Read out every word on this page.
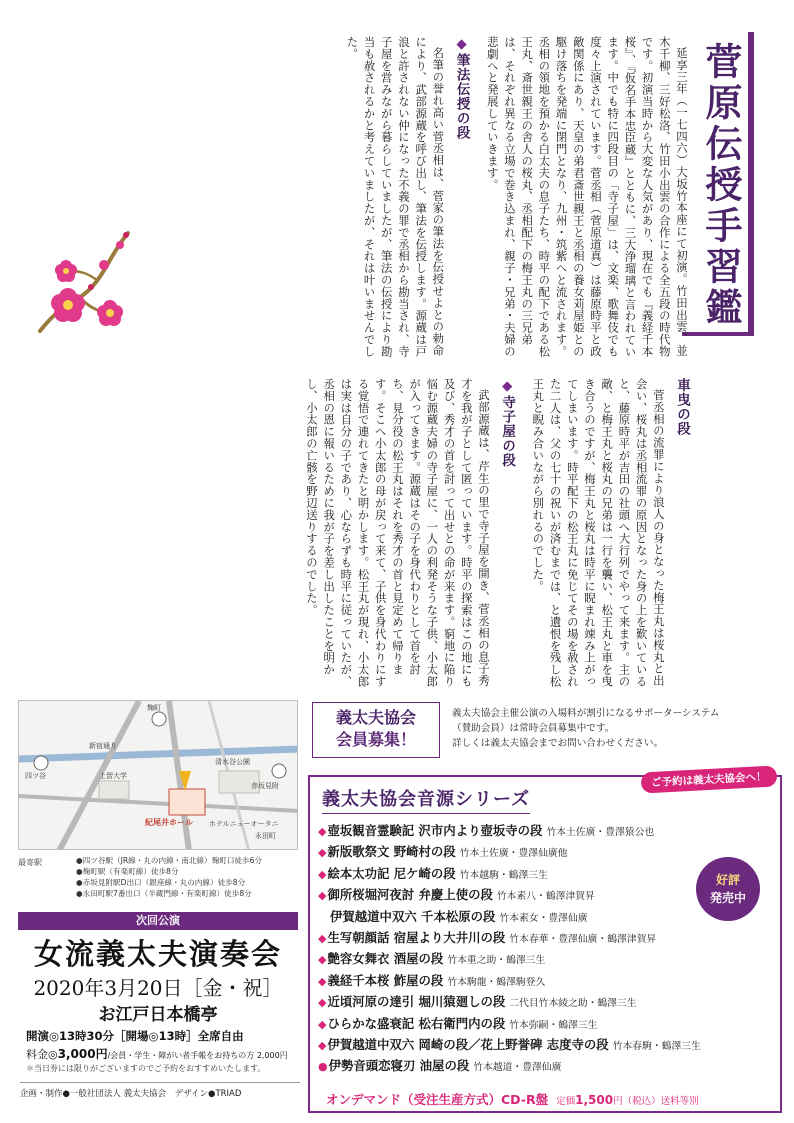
菅原伝授手習鑑

延享三年（一七四六）大坂竹本座にて初演。竹田出雲、並木千柳、三好松洛、竹田小出雲の合作による全五段の時代物です。初演当時から大変な人気があり、現在でも『義経千本桜』、『仮名手本忠臣蔵』とともに、三大浄瑠璃と言われています。中でも特に四段目の「寺子屋」は、文楽、歌舞伎でも度々上演されています。菅丞相（菅原道真）は藤原時平と政敵関係にあり、天皇の弟君斎世親王と丞相の養女苅屋姫との駆け落ちを発端に閉門となり、九州・筑紫へと流されます。丞相の領地を預かる白太夫の息子たち、時平の配下である松王丸、斎世親王の舎人の桜丸、丞相配下の梅王丸の三兄弟は、それぞれ異なる立場で巻き込まれ、親子・兄弟・夫婦の悲劇へと発展していきます。

◆筆法伝授の段

名筆の誉れ高い菅丞相は、菅家の筆法を伝授せよとの勅命により、武部源蔵を呼び出し、筆法を伝授します。源蔵は戸浪と許されない仲になった不義の罪で丞相から勘当され、寺子屋を営みながら暮らしていましたが、筆法の伝授により勘当も赦されるかと考えていましたが、それは叶いませんでした。

車曳の段

菅丞相の流罪により浪人の身となった梅王丸は桜丸と出会い、桜丸は丞相流罪の原因となった身の上を歎いていると、藤原時平が吉田の社頭へ大行列でやって来ます。主の敵、と梅王丸と桜丸の兄弟は一行を襲い、松王丸と車を曳き合うのですが、梅王丸と桜丸は時平に睨まれ竦み上がってしまいます。時平配下の松王丸に免じてその場を赦された二人は、父の七十の祝いが済むまでは、と遺恨を残し松王丸と睨み合いながら別れるのでした。

◆寺子屋の段

武部源蔵は、芹生の里で寺子屋を開き、菅丞相の息子秀才を我が子として匿っています。時平の探索はこの地にも及び、秀才の首を討って出せとの命が来ます。窮地に陥り悩む源蔵夫婦の寺子屋に、一人の利発そうな子供、小太郎が入ってきます。源蔵はその子を身代わりとして首を討ち、見分役の松王丸はそれを秀才の首と見定めて帰ります。そこへ小太郎の母が戻って来て、子供を身代わりにする覚悟で連れてきたと明かします。松王丸が現れ、小太郎は実は自分の子であり、心ならずも時平に従っていたが、丞相の恩に報いるために我が子を差し出したことを明かし、小太郎の亡骸を野辺送りするのでした。

新宿通り
四ツ谷
麹町
紀尾井ホール ホテルニューオータニ
上智大学
赤坂見附
永田町
清水谷公園
最寄駅	●四ツ谷駅（JR線・丸の内線・南北線）麹町口徒歩6分
●麹町駅（有楽町線）徒歩8分
●赤坂見附駅D出口（銀座線・丸の内線）徒歩8分
●永田町駅7番出口（半蔵門線・有楽町線）徒歩8分
次回公演
女流義太夫演奏会
2020年3月20日［金・祝］
お江戸日本橋亭
開演◎13時30分［開場◎13時］全席自由
料金◎3,000円/会員・学生・障がい者手帳をお持ちの方 2,000円
＊当日券には限りがございますのでご予約をおすすめいたします。
企画・制作●一般社団法人 義太夫協会　デザイン●TRIAD
義太夫協会
会員募集！
義太夫協会主催公演の入場料が割引になるサポーターシステム
（賛助会員）は常時会員募集中です。
詳しくは義太夫協会までお問い合わせください。
義太夫協会音源シリーズ
ご予約は義太夫協会へ！
◆壺坂観音霊験記 沢市内より壺坂寺の段 竹本土佐廣・豊澤猿公也
◆新版歌祭文 野崎村の段 竹本土佐廣・豊澤仙廣他
◆絵本太功記 尼ケ崎の段 竹本越駒・鶴澤三生
◆御所桜堀河夜討 弁慶上使の段 竹本素八・鶴澤津賀昇
伊賀越道中双六 千本松原の段 竹本素女・豊澤仙廣
◆生写朝顔話 宿屋より大井川の段 竹本春華・豊澤仙廣・鶴澤津賀昇
◆艶容女舞衣 酒屋の段 竹本重之助・鶴澤三生
◆義経千本桜 鮓屋の段 竹本駒龍・鶴澤駒登久
◆近頃河原の達引 堀川猿廻しの段 二代目竹本綾之助・鶴澤三生
◆ひらかな盛衰記 松右衛門内の段 竹本弥嗣・鶴澤三生
◆伊賀越道中双六 岡崎の段／花上野誉碑 志度寺の段 竹本春駒・鶴澤三生
●伊勢音頭恋寝刃 油屋の段 竹本越道・豊澤仙廣
好評
発売中
オンデマンド（受注生産方式）CD-R盤 定価1,500円（税込）送料等別
